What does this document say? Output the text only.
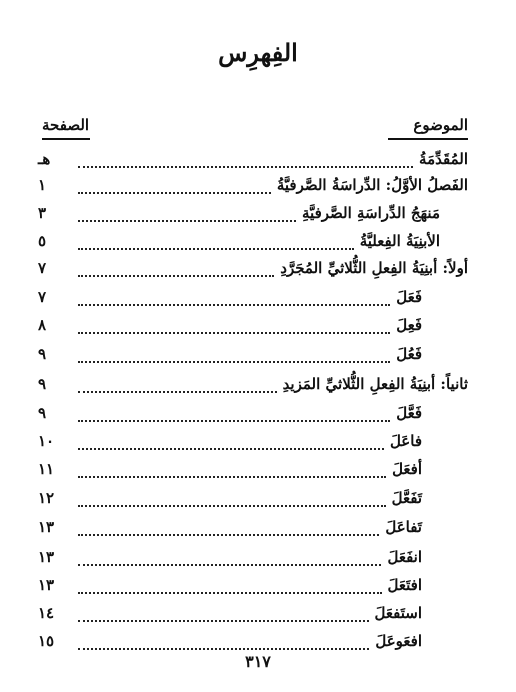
الفِهرِس
الموضوع
الصفحة
المُقَدِّمَةُ
هـ
الفَصلُ الأوَّلُ: الدِّراسَةُ الصَّرفيَّةُ
١
مَنهَجُ الدِّراسَةِ الصَّرفيَّةِ
٣
الأبنِيَةُ الفِعليَّةُ
٥
أولاً: أبنِيَةُ الفِعلِ الثُّلاثيِّ المُجَرَّدِ
٧
فَعَلَ
٧
فَعِلَ
٨
فَعُلَ
٩
ثانياً: أبنِيَةُ الفِعلِ الثُّلاثيِّ المَزيدِ
٩
فَعَّلَ
٩
فاعَلَ
١٠
أفعَلَ
١١
تَفَعَّلَ
١٢
تَفاعَلَ
١٣
انفَعَلَ
١٣
افتَعَلَ
١٣
استَفعَلَ
١٤
افعَوعَلَ
١٥
٣١٧
